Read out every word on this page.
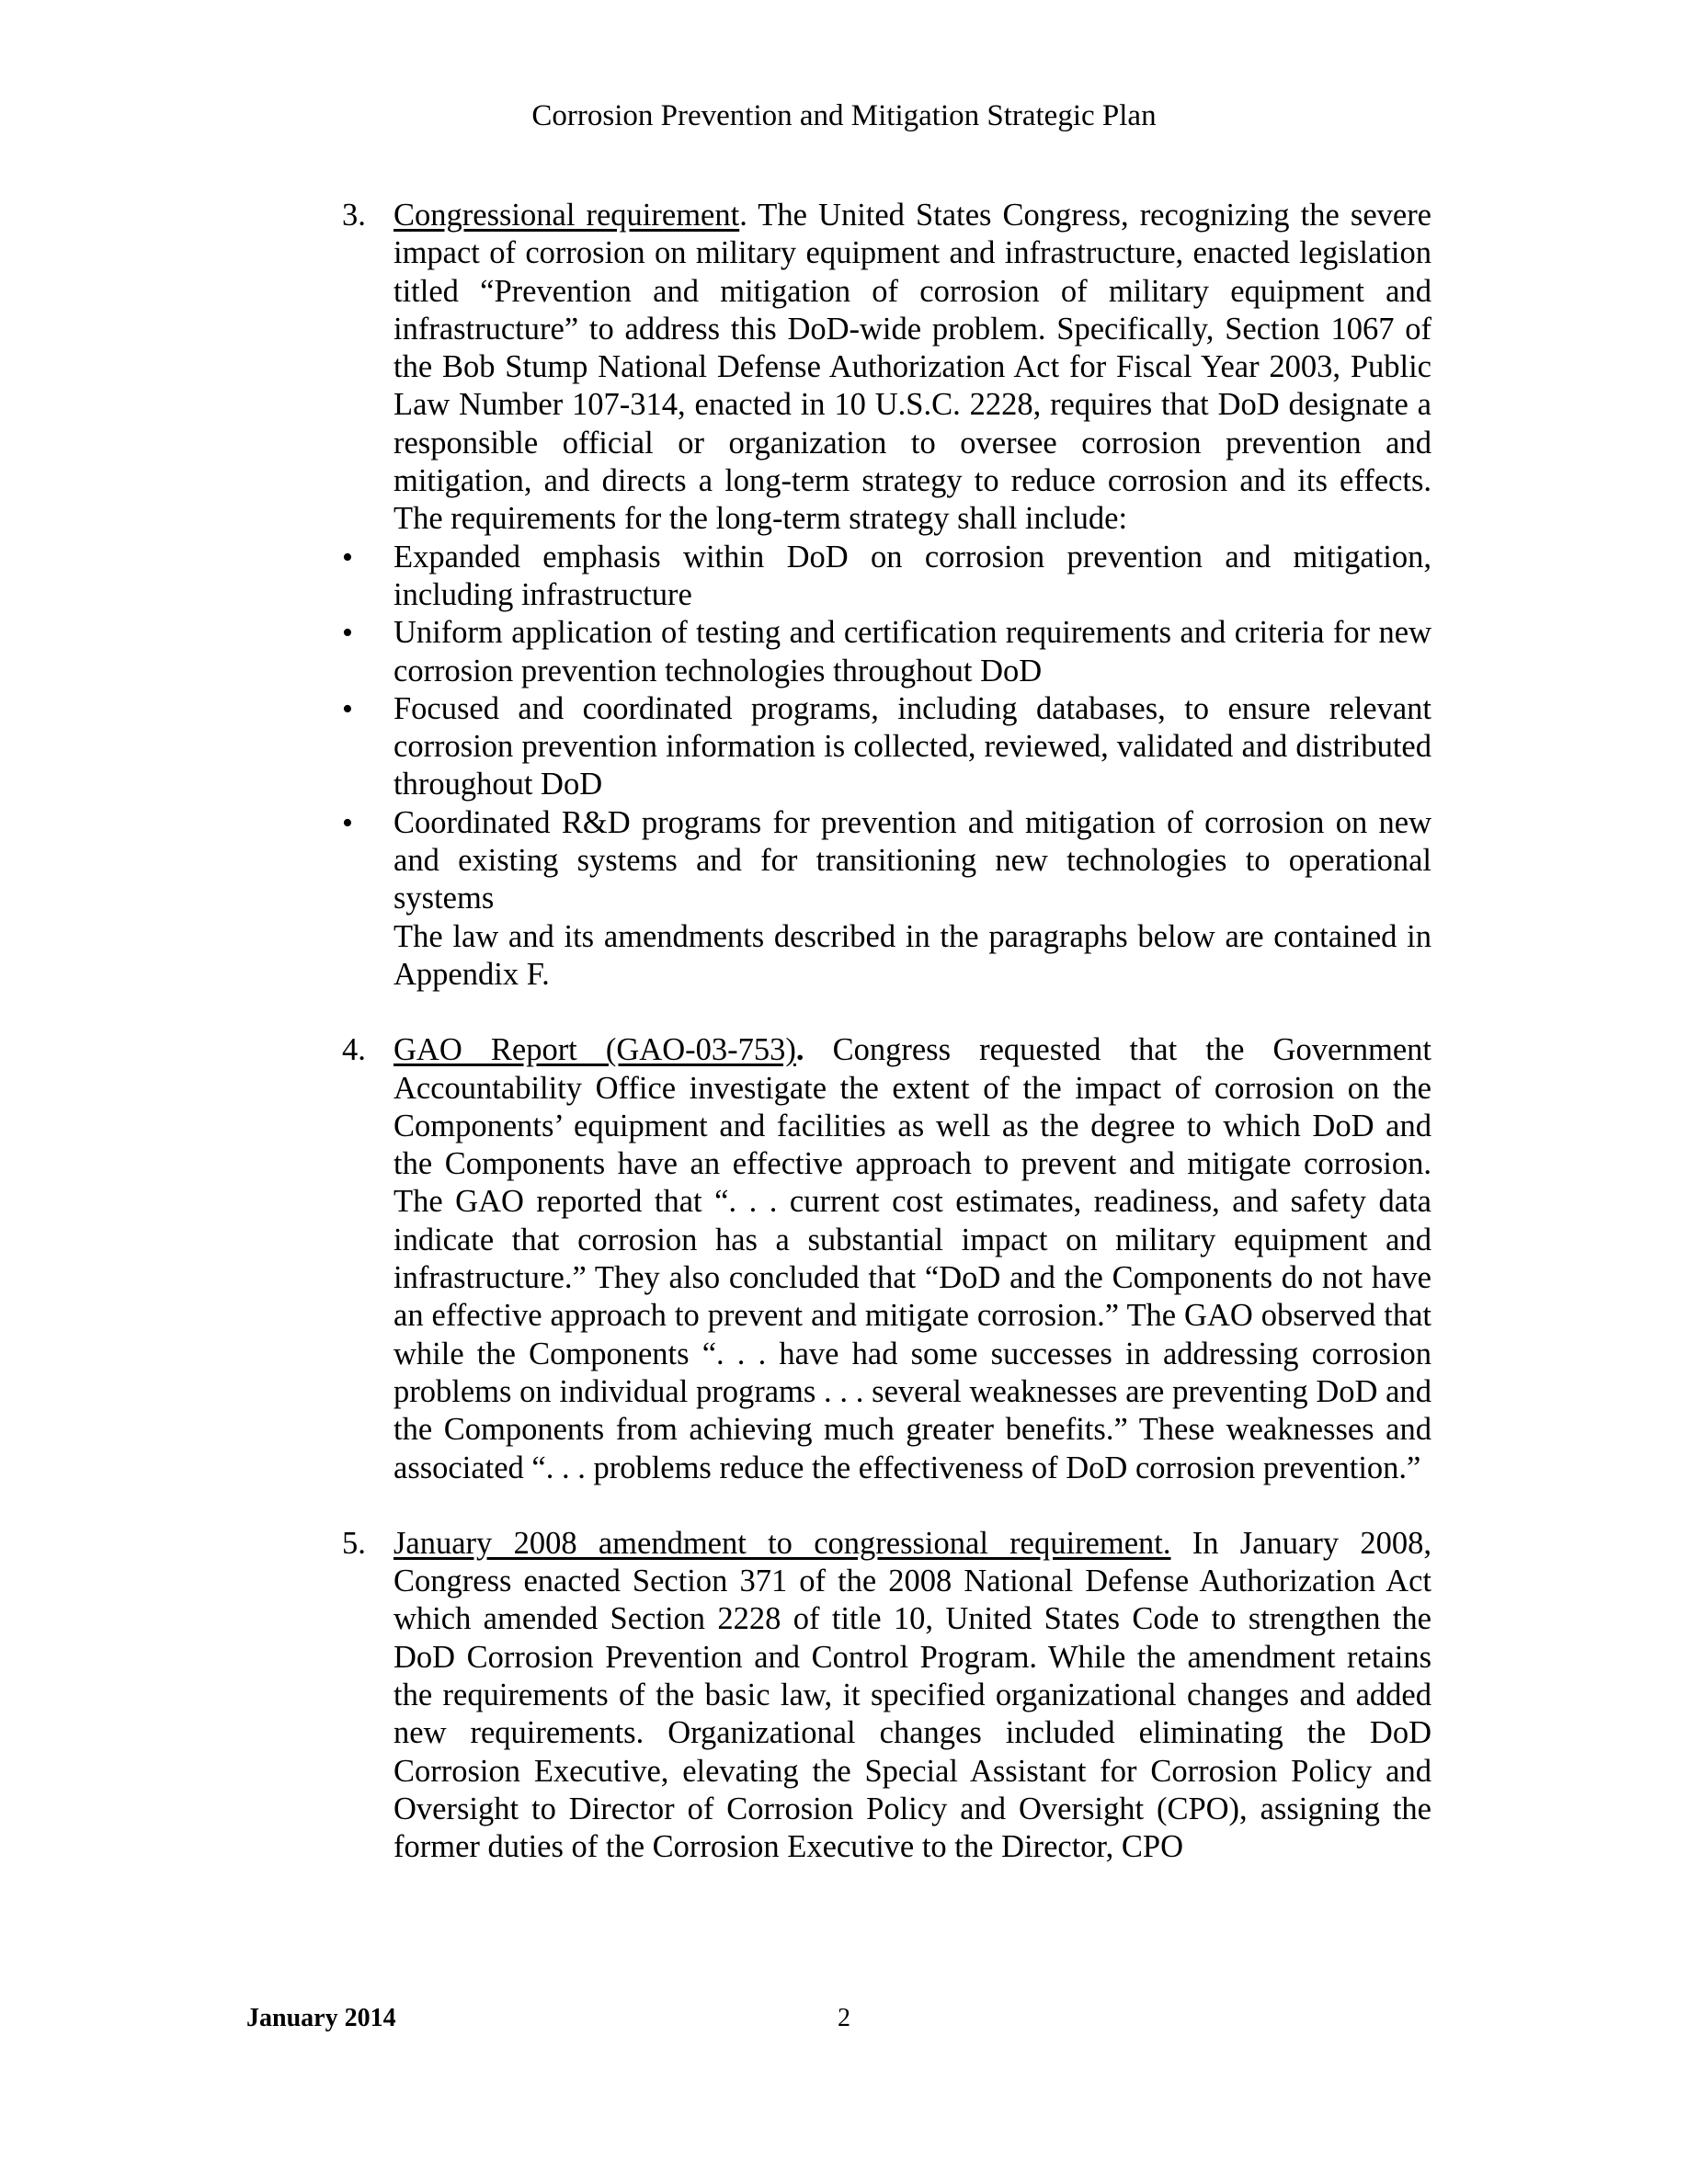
Corrosion Prevention and Mitigation Strategic Plan
3. Congressional requirement. The United States Congress, recognizing the severe impact of corrosion on military equipment and infrastructure, enacted legislation titled “Prevention and mitigation of corrosion of military equipment and infrastructure” to address this DoD-wide problem. Specifically, Section 1067 of the Bob Stump National Defense Authorization Act for Fiscal Year 2003, Public Law Number 107-314, enacted in 10 U.S.C. 2228, requires that DoD designate a responsible official or organization to oversee corrosion prevention and mitigation, and directs a long-term strategy to reduce corrosion and its effects. The requirements for the long-term strategy shall include:
• Expanded emphasis within DoD on corrosion prevention and mitigation, including infrastructure
• Uniform application of testing and certification requirements and criteria for new corrosion prevention technologies throughout DoD
• Focused and coordinated programs, including databases, to ensure relevant corrosion prevention information is collected, reviewed, validated and distributed throughout DoD
• Coordinated R&D programs for prevention and mitigation of corrosion on new and existing systems and for transitioning new technologies to operational systems
The law and its amendments described in the paragraphs below are contained in Appendix F.
4. GAO Report (GAO-03-753). Congress requested that the Government Accountability Office investigate the extent of the impact of corrosion on the Components’ equipment and facilities as well as the degree to which DoD and the Components have an effective approach to prevent and mitigate corrosion. The GAO reported that “. . . current cost estimates, readiness, and safety data indicate that corrosion has a substantial impact on military equipment and infrastructure.” They also concluded that “DoD and the Components do not have an effective approach to prevent and mitigate corrosion.” The GAO observed that while the Components “. . . have had some successes in addressing corrosion problems on individual programs . . . several weaknesses are preventing DoD and the Components from achieving much greater benefits.” These weaknesses and associated “. . . problems reduce the effectiveness of DoD corrosion prevention.”
5. January 2008 amendment to congressional requirement. In January 2008, Congress enacted Section 371 of the 2008 National Defense Authorization Act which amended Section 2228 of title 10, United States Code to strengthen the DoD Corrosion Prevention and Control Program. While the amendment retains the requirements of the basic law, it specified organizational changes and added new requirements. Organizational changes included eliminating the DoD Corrosion Executive, elevating the Special Assistant for Corrosion Policy and Oversight to Director of Corrosion Policy and Oversight (CPO), assigning the former duties of the Corrosion Executive to the Director, CPO
January 2014	2
